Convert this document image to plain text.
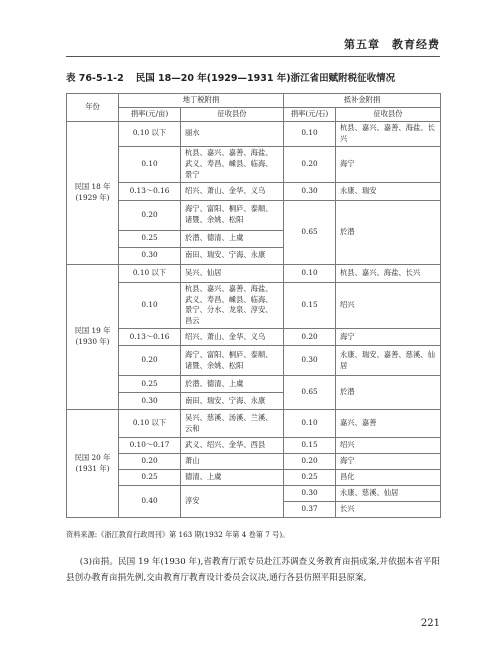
第五章　教育经费
表 76-5-1-2 民国 18—20 年(1929—1931 年)浙江省田赋附税征收情况
年份	地丁税附捐		抵补金附捐	
	捐率(元/亩)	征收县份	捐率(元/石)	征收县份
民国 18 年(1929 年)	0.10 以下	丽水	0.10	杭县、嘉兴、嘉善、海盐、长兴
	0.10	杭县、嘉兴、嘉善、海盐、武义、寿昌、嵊县、临海、景宁	0.20	海宁
	0.13～0.16	绍兴、萧山、金华、义乌	0.30	永康、瑞安
	0.20	海宁、富阳、桐庐、泰顺、诸暨、余姚、松阳	0.65	於潜
	0.25	於潜、德清、上虞		
	0.30	南田、瑞安、宁海、永康		
民国 19 年(1930 年)	0.10 以下	吴兴、仙居	0.10	杭县、嘉兴、海盐、长兴
	0.10	杭县、嘉兴、嘉善、海盐、武义、寿昌、嵊县、临海、景宁、分水、龙泉、淳安、昌云	0.15	绍兴
	0.13～0.16	绍兴、萧山、金华、义乌	0.20	海宁
	0.20	海宁、富阳、桐庐、泰顺、诸暨、余姚、松阳	0.30	永康、瑞安、嘉善、慈溪、仙居
	0.25	於潜、德清、上虞	0.65	於潜
	0.30	南田、瑞安、宁海、永康		
民国 20 年(1931 年)	0.10 以下	吴兴、慈溪、汤溪、兰溪、云和	0.10	嘉兴、嘉善
	0.10～0.17	武义、绍兴、金华、西县	0.15	绍兴
	0.20	萧山	0.20	海宁
	0.25	德清、上虞	0.25	昌化
	0.40	淳安	0.30	永康、慈溪、仙居
			0.37	长兴
资料来源:《浙江教育行政周刊》第 163 期(1932 年第 4 卷第 7 号)。

(3)亩捐。民国 19 年(1930 年),省教育厅派专员赴江苏调查义务教育亩捐成案,并依据本省平阳县创办教育亩捐先例,交由教育厅教育设计委员会议决,通行各县仿照平阳县原案,

221
